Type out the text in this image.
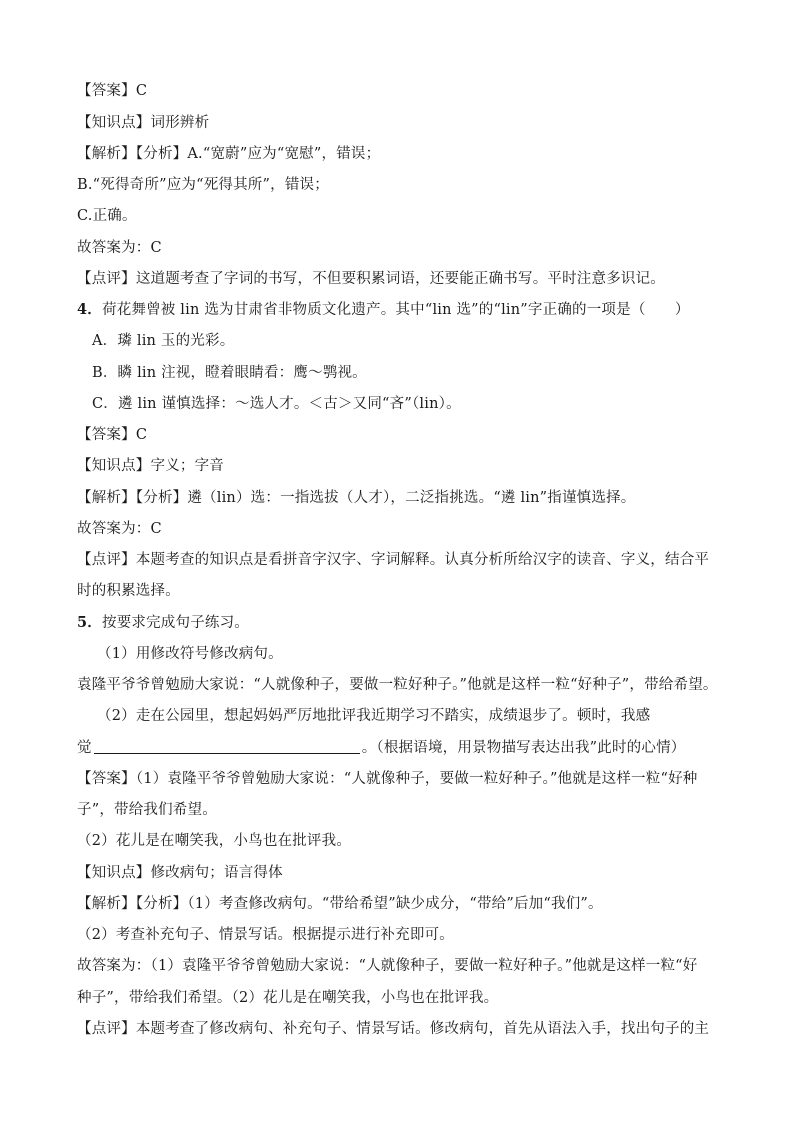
【答案】C
【知识点】词形辨析
【解析】【分析】A.“宽蔚”应为“宽慰”，错误；
B.“死得奇所”应为“死得其所”，错误；
C.正确。
故答案为：C
【点评】这道题考查了字词的书写，不但要积累词语，还要能正确书写。平时注意多识记。
4．荷花舞曾被 lin 选为甘肃省非物质文化遗产。其中“lin 选”的“lin”字正确的一项是（　　）
A．璘 lin 玉的光彩。
B．瞵 lin 注视，瞪着眼睛看：鹰～鹗视。
C．遴 lin 谨慎选择：～选人才。＜古＞又同“吝”（lin）。
【答案】C
【知识点】字义；字音
【解析】【分析】遴（lin）选：一指选拔（人才），二泛指挑选。“遴 lin”指谨慎选择。
故答案为：C
【点评】本题考查的知识点是看拼音字汉字、字词解释。认真分析所给汉字的读音、字义，结合平
时的积累选择。
5．按要求完成句子练习。
（1）用修改符号修改病句。
袁隆平爷爷曾勉励大家说：“人就像种子，要做一粒好种子。”他就是这样一粒“好种子”，带给希望。
（2）走在公园里，想起妈妈严厉地批评我近期学习不踏实，成绩退步了。顿时，我感
觉	。（根据语境，用景物描写表达出我”此时的心情）
【答案】（1）袁隆平爷爷曾勉励大家说：“人就像种子，要做一粒好种子。”他就是这样一粒“好种
子”，带给我们希望。
（2）花儿是在嘲笑我，小鸟也在批评我。
【知识点】修改病句；语言得体
【解析】【分析】（1）考查修改病句。“带给希望”缺少成分，“带给”后加“我们”。
（2）考查补充句子、情景写话。根据提示进行补充即可。
故答案为：（1）袁隆平爷爷曾勉励大家说：“人就像种子，要做一粒好种子。”他就是这样一粒“好
种子”，带给我们希望。（2）花儿是在嘲笑我，小鸟也在批评我。
【点评】本题考查了修改病句、补充句子、情景写话。修改病句，首先从语法入手，找出句子的主
